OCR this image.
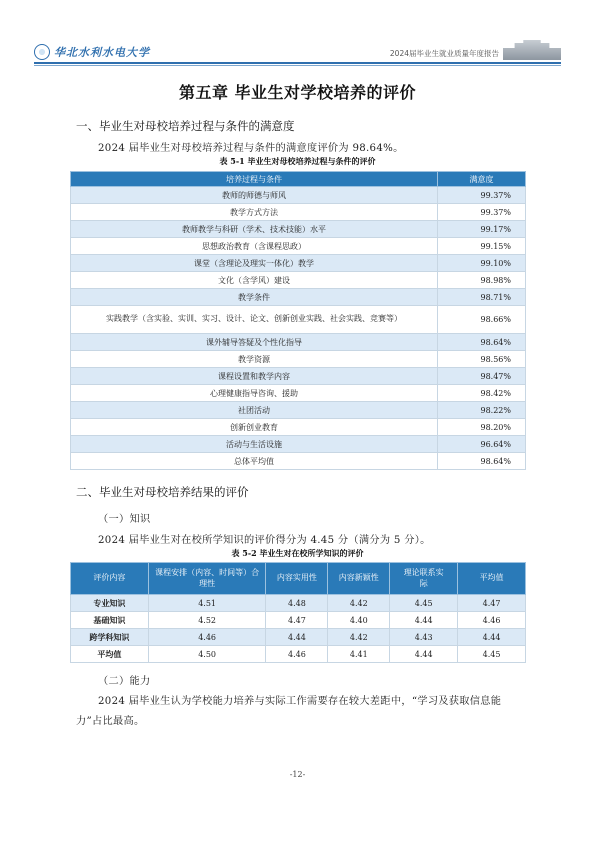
华北水利水电大学	2024届毕业生就业质量年度报告
第五章 毕业生对学校培养的评价
一、毕业生对母校培养过程与条件的满意度
2024 届毕业生对母校培养过程与条件的满意度评价为 98.64%。
表 5-1 毕业生对母校培养过程与条件的评价
培养过程与条件	满意度
教师的师德与师风	99.37%
教学方式方法	99.37%
教师教学与科研（学术、技术技能）水平	99.17%
思想政治教育（含课程思政）	99.15%
课堂（含理论及理实一体化）教学	99.10%
文化（含学风）建设	98.98%
教学条件	98.71%
实践教学（含实验、实训、实习、设计、论文、创新创业实践、社会实践、竞赛等）	98.66%
课外辅导答疑及个性化指导	98.64%
教学资源	98.56%
课程设置和教学内容	98.47%
心理健康指导咨询、援助	98.42%
社团活动	98.22%
创新创业教育	98.20%
活动与生活设施	96.64%
总体平均值	98.64%
二、毕业生对母校培养结果的评价
（一）知识
2024 届毕业生对在校所学知识的评价得分为 4.45 分（满分为 5 分）。
表 5-2 毕业生对在校所学知识的评价
评价内容	课程安排（内容、时间等）合理性	内容实用性	内容新颖性	理论联系实际	平均值
专业知识	4.51	4.48	4.42	4.45	4.47
基础知识	4.52	4.47	4.40	4.44	4.46
跨学科知识	4.46	4.44	4.42	4.43	4.44
平均值	4.50	4.46	4.41	4.44	4.45
（二）能力
2024 届毕业生认为学校能力培养与实际工作需要存在较大差距中，“学习及获取信息能力”占比最高。
-12-
